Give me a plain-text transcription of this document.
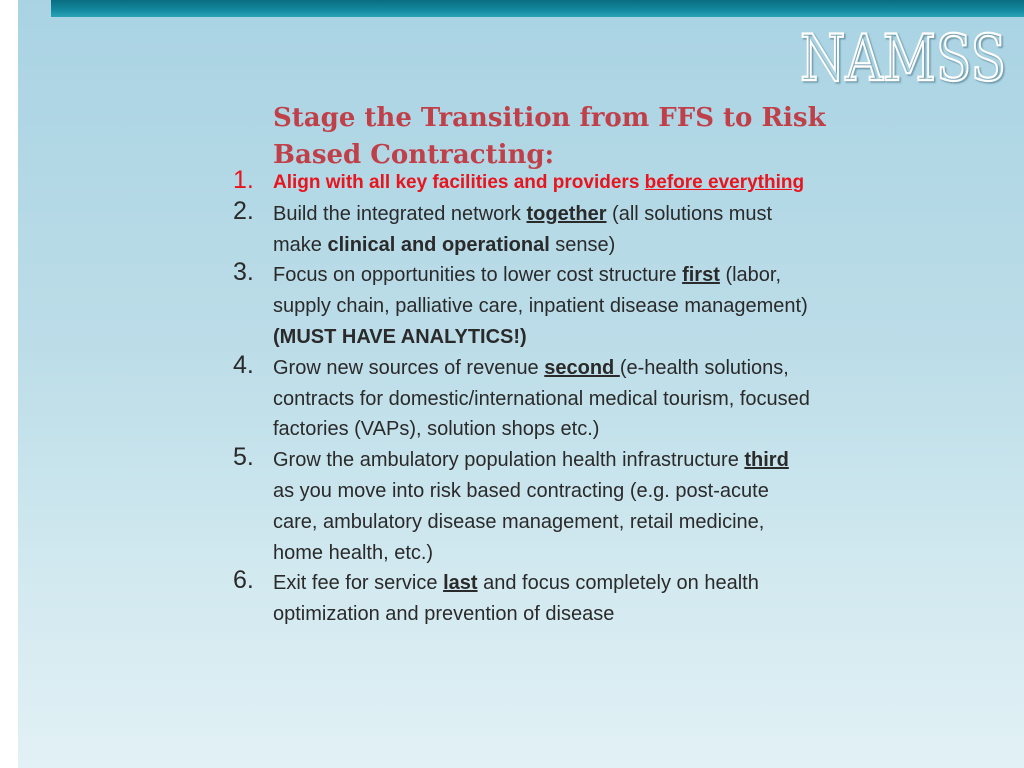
NAMSS
Stage the Transition from FFS to Risk Based Contracting:
1. Align with all key facilities and providers before everything
2. Build the integrated network together (all solutions must make clinical and operational sense)
3. Focus on opportunities to lower cost structure first (labor, supply chain, palliative care, inpatient disease management) (MUST HAVE ANALYTICS!)
4. Grow new sources of revenue second (e-health solutions, contracts for domestic/international medical tourism, focused factories (VAPs), solution shops etc.)
5. Grow the ambulatory population health infrastructure third as you move into risk based contracting (e.g. post-acute care, ambulatory disease management, retail medicine, home health, etc.)
6. Exit fee for service last and focus completely on health optimization and prevention of disease
